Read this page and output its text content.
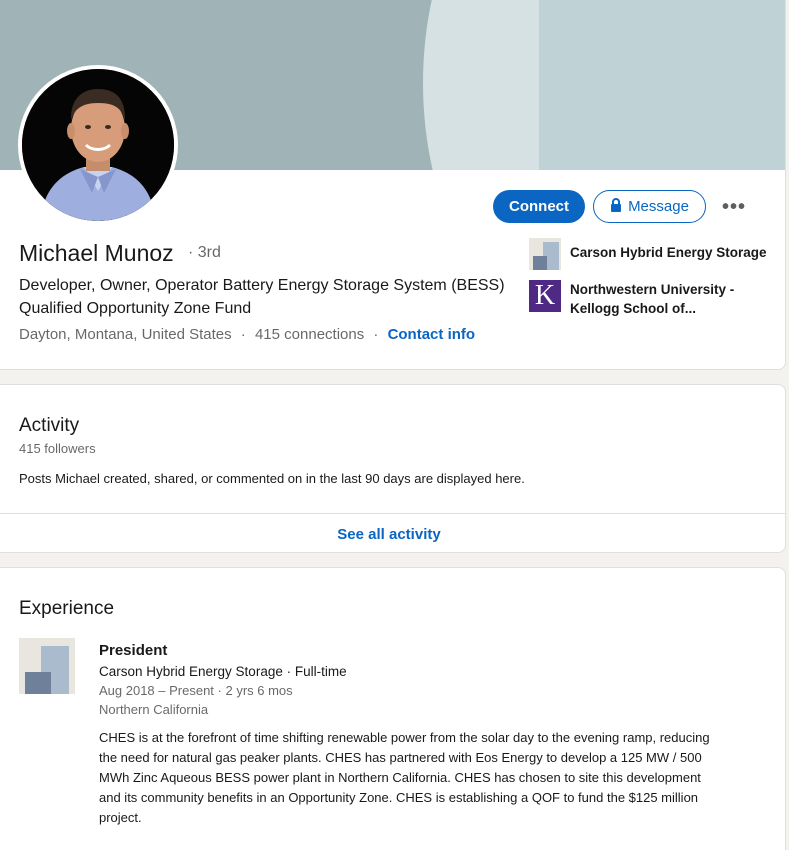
Connect	Message •••
Michael Munoz · 3rd
Developer, Owner, Operator Battery Energy Storage System (BESS) Qualified Opportunity Zone Fund
Dayton, Montana, United States · 415 connections · Contact info
Carson Hybrid Energy Storage
K Northwestern University - Kellogg School of...
Activity
415 followers
Posts Michael created, shared, or commented on in the last 90 days are displayed here.
See all activity
Experience
President
Carson Hybrid Energy Storage · Full-time
Aug 2018 – Present · 2 yrs 6 mos
Northern California
CHES is at the forefront of time shifting renewable power from the solar day to the evening ramp, reducing the need for natural gas peaker plants. CHES has partnered with Eos Energy to develop a 125 MW / 500 MWh Zinc Aqueous BESS power plant in Northern California. CHES has chosen to site this development and its community benefits in an Opportunity Zone. CHES is establishing a QOF to fund the $125 million project.
